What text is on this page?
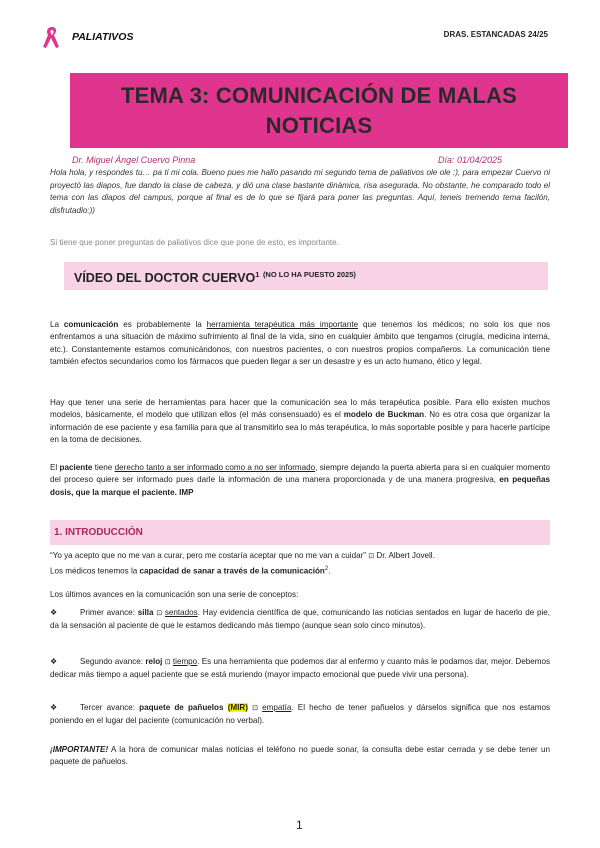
PALIATIVOS	DRAS. ESTANCADAS 24/25
TEMA 3: COMUNICACIÓN DE MALAS
NOTICIAS
Dr. Miguel Ángel Cuervo Pinna	Día: 01/04/2025
Hola hola, y respondes tu… pa ti mi cola. Bueno pues me hallo pasando mi segundo tema de paliativos ole ole :), para empezar Cuervo ni proyectó las diapos, fue dando la clase de cabeza, y dió una clase bastante dinámica, risa asegurada. No obstante, he comparado todo el tema con las diapos del campus, porque al final es de lo que se fijará para poner las preguntas. Aquí, teneis tremendo tema facilón, disfrutadlo:))
Si tiene que poner preguntas de paliativos dice que pone de esto, es importante.
VÍDEO DEL DOCTOR CUERVO$^1$ $^{(NO LO HA PUESTO 2025)}$
La comunicación es probablemente la herramienta terapéutica más importante que tenemos los médicos; no solo los que nos enfrentamos a una situación de máximo sufrimiento al final de la vida, sino en cualquier ámbito que tengamos (cirugía, medicina interna, etc.). Constantemente estamos comunicándonos, con nuestros pacientes, o con nuestros propios compañeros. La comunicación tiene también efectos secundarios como los fármacos que pueden llegar a ser un desastre y es un acto humano, ético y legal.
Hay que tener una serie de herramientas para hacer que la comunicación sea lo más terapéutica posible. Para ello existen muchos modelos, básicamente, el modelo que utilizan ellos (el más consensuado) es el modelo de Buckman. No es otra cosa que organizar la información de ese paciente y esa familia para que al transmitirlo sea lo más terapéutica, lo más soportable posible y para hacerle partícipe en la toma de decisiones.
El paciente tiene derecho tanto a ser informado como a no ser informado, siempre dejando la puerta abierta para si en cualquier momento del proceso quiere ser informado pues darle la información de una manera proporcionada y de una manera progresiva, en pequeñas dosis, que la marque el paciente. IMP
1. INTRODUCCIÓN
“Yo ya acepto que no me van a curar, pero me costaría aceptar que no me van a cuidar” ⊡ Dr. Albert Jovell.
Los médicos tenemos la capacidad de sanar a través de la comunicación$^2$.
Los últimos avances en la comunicación son una serie de conceptos:
❖	Primer avance: silla ⊡ sentados. Hay evidencia científica de que, comunicando las noticias sentados en lugar de hacerlo de pie, da la sensación al paciente de que le estamos dedicando más tiempo (aunque sean solo cinco minutos).
❖	Segundo avance: reloj ⊡ tiempo. Es una herramienta que podemos dar al enfermo y cuanto más le podamos dar, mejor. Debemos dedicar más tiempo a aquel paciente que se está muriendo (mayor impacto emocional que puede vivir una persona).
❖	Tercer avance: paquete de pañuelos (MIR) ⊡ empatía. El hecho de tener pañuelos y dárselos significa que nos estamos poniendo en el lugar del paciente (comunicación no verbal).
¡IMPORTANTE! A la hora de comunicar malas noticias el teléfono no puede sonar, la consulta debe estar cerrada y se debe tener un paquete de pañuelos.
1
